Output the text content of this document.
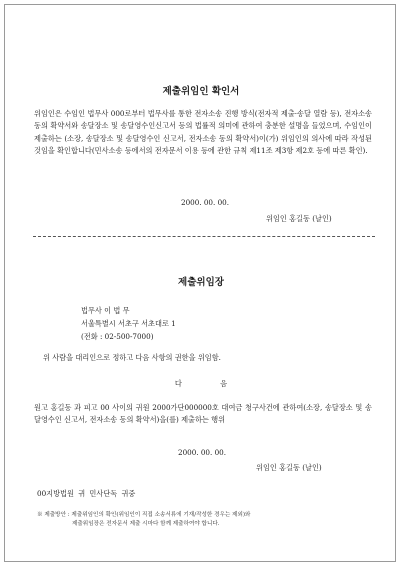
제출위임인 확인서
위임인은 수임인 법무사 000로부터 법무사를 통한 전자소송 진행 방식(전자적 제출·송달 열람 등), 전자소송 동의 확약서와 송달장소 및 송달영수인신고서 등의 법률적 의미에 관하여 충분한 설명을 들었으며, 수임인이 제출하는 (소장, 송달장소 및 송달영수인 신고서, 전자소송 동의 확약서)이(가) 위임인의 의사에 따라 작성된 것임을 확인합니다(민사소송 등에서의 전자문서 이용 등에 관한 규칙 제11조 제3항 제2호 등에 따른 확인).
2000. 00. 00.
위임인 홍길동 (날인)
제출위임장
법무사 이 법 무
서울특별시 서초구 서초대로 1
(전화 : 02-500-7000)
위 사람을 대리인으로 정하고 다음 사항의 권한을 위임함.
다 음
원고 홍길동 과 피고 00 사이의 귀원 2000가단000000호 대여금 청구사건에 관하여(소장, 송달장소 및 송달영수인 신고서, 전자소송 동의 확약서)을(를) 제출하는 행위
2000. 00. 00.
위임인 홍길동 (날인)
00지방법원 귀 민사단독 귀중
※ 제출방안 : 제출위임인의 확인(위임인이 직접 소송서류에 기재/작성한 경우는 제외)와
제출위임장은 전자문서 제출 시마다 함께 제출하여야 합니다.
